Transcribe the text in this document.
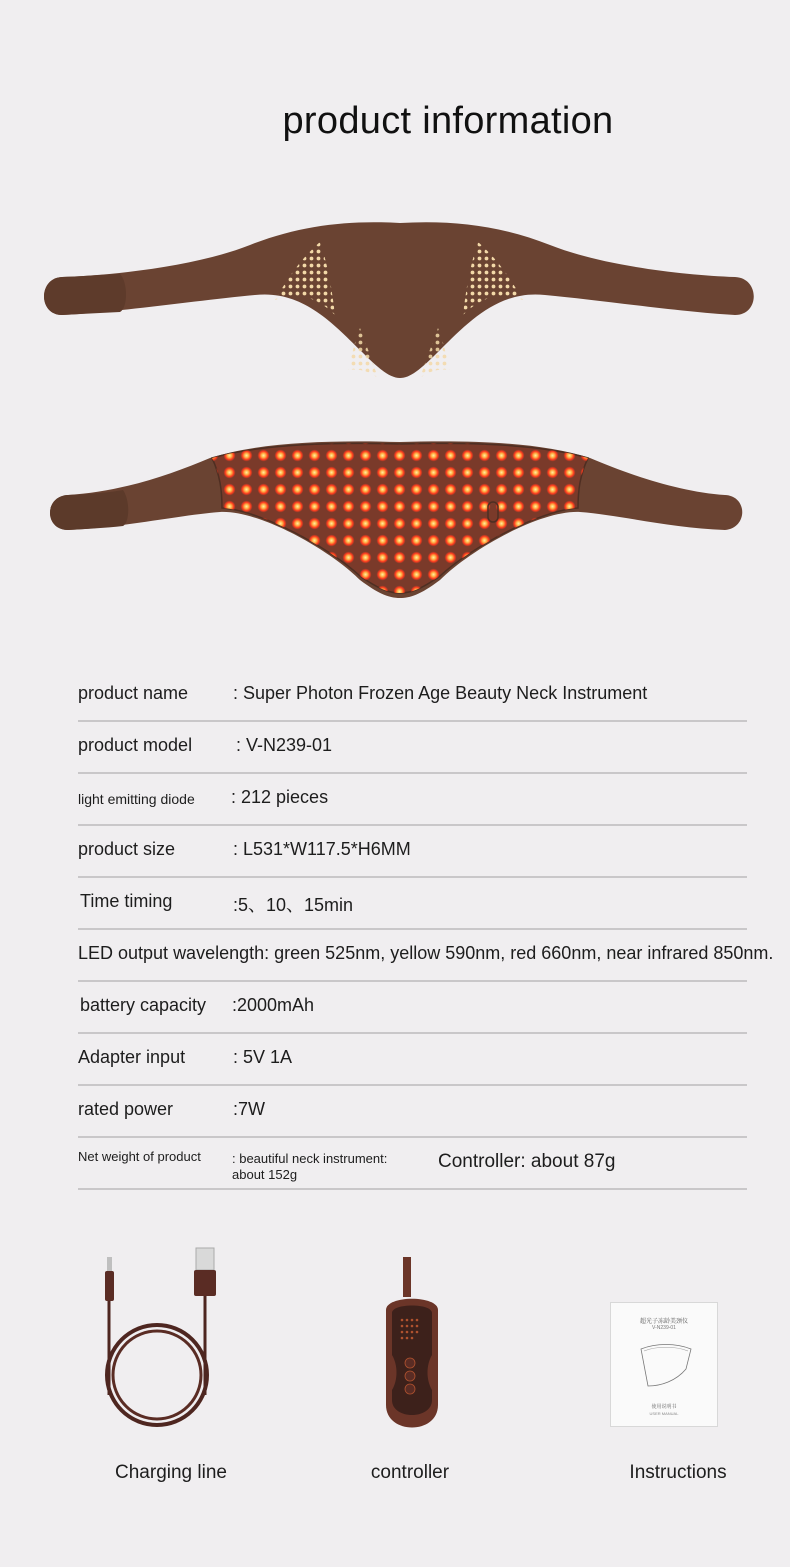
product information
product name : Super Photon Frozen Age Beauty Neck Instrument
product model : V-N239-01
light emitting diode : 212 pieces
product size	: L531*W117.5*H6MM
Time timing	:5、10、15min
LED output wavelength: green 525nm, yellow 590nm, red 660nm, near infrared 850nm.
battery capacity :2000mAh
Adapter input	: 5V 1A
rated power	:7W
Net weight of product : beautiful neck instrument:
about 152g
Controller: about 87g
超光子冻龄美颈仪
V-N239-01
使用说明书
USER MANUAL
Charging line	controller	Instructions
